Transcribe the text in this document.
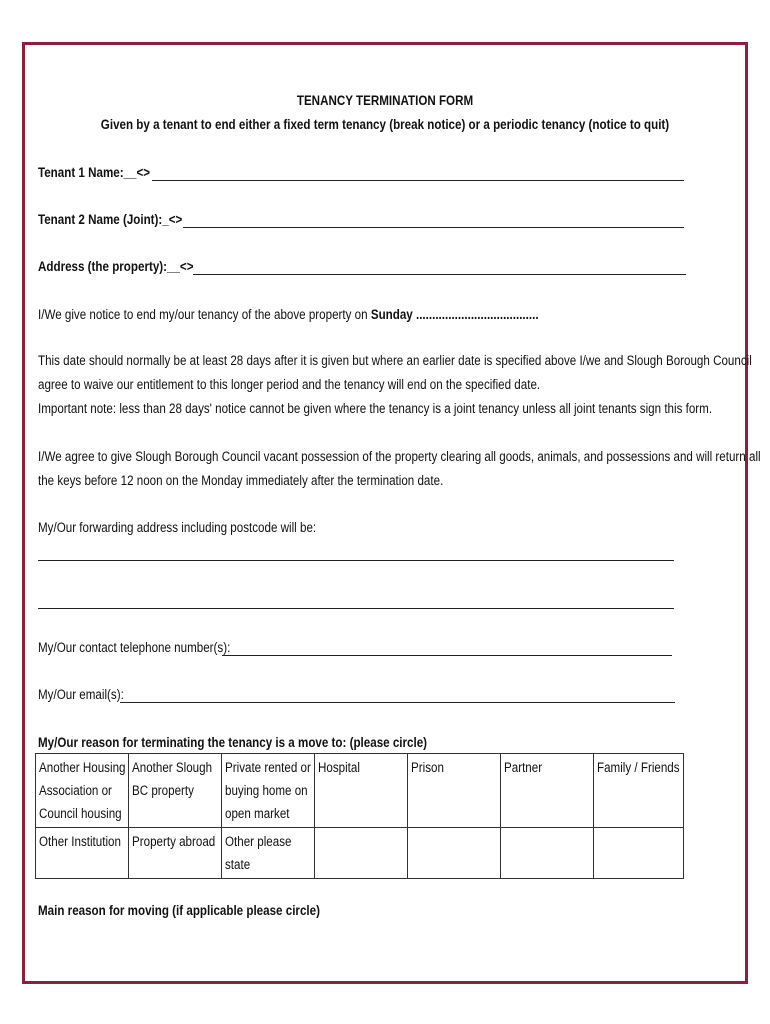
TENANCY TERMINATION FORM
Given by a tenant to end either a fixed term tenancy (break notice) or a periodic tenancy (notice to quit)
Tenant 1 Name:__<>
Tenant 2 Name (Joint):_<>
Address (the property):__<>
I/We give notice to end my/our tenancy of the above property on Sunday ......................................
This date should normally be at least 28 days after it is given but where an earlier date is specified above I/we and Slough Borough Council
agree to waive our entitlement to this longer period and the tenancy will end on the specified date.
Important note: less than 28 days' notice cannot be given where the tenancy is a joint tenancy unless all joint tenants sign this form.
I/We agree to give Slough Borough Council vacant possession of the property clearing all goods, animals, and possessions and will return all
the keys before 12 noon on the Monday immediately after the termination date.
My/Our forwarding address including postcode will be:
My/Our contact telephone number(s):
My/Our email(s):
My/Our reason for terminating the tenancy is a move to: (please circle)
Another Housing
Association or
Council housing	Another Slough
BC property	Private rented or
buying home on
open market	Hospital	Prison	Partner	Family / Friends
Other Institution	Property abroad	Other please
state				
Main reason for moving (if applicable please circle)
